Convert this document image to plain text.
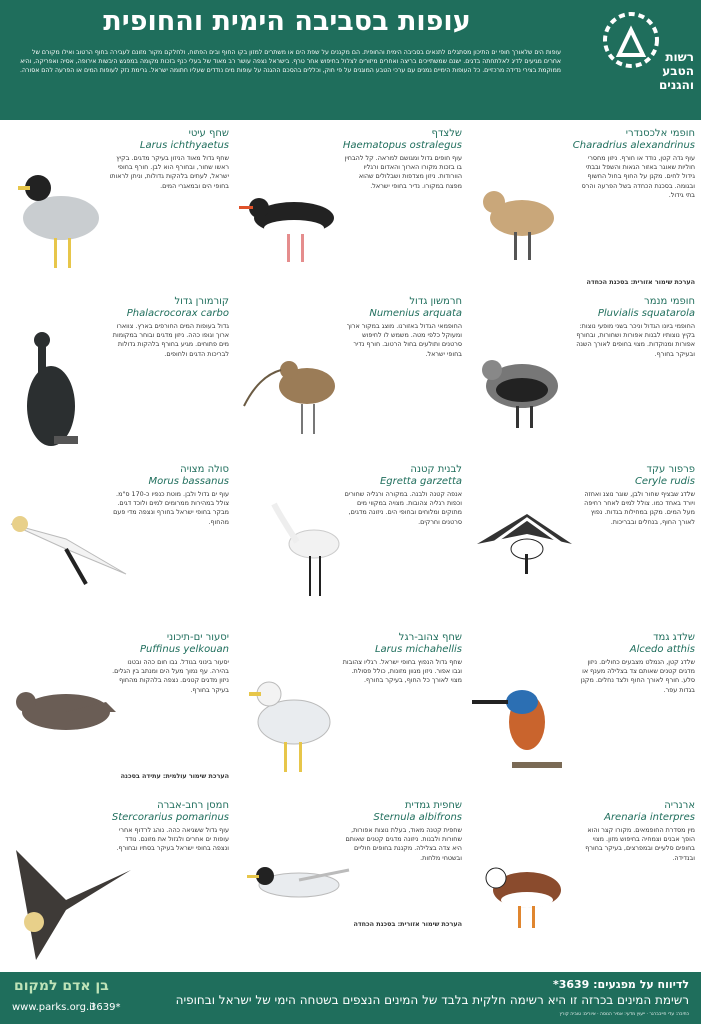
עופות בסביבה הימית והחופית
עופות הים שלאורך חופי ים התיכון מסתגלים לתנאים בסביבה הימית והחופית. הם מקננים על שפת הים או משתרים למזון בקו החוף ובים הפתוח, ולחלקם מקור מזונם לעבירה בחוף הרטוב ואילו מקורם של אחרים מגיעים לדיג לאלתחתה בדגים. ישנם שמשתייכים בריצה ואחרים מיזורים לצלול בחיפוש אחר טרף. בישראל נצפה עושר רב מאוד של בעלי כנף בזכות מקומה במפגש היבשות אירופה, אסיה ואפריקה, והיא ממוקמת בצירי נדידה מרכזיים. כל העופות הימיים נמנים עם ערכי הטבע המוגנים על פי חוק, וכללים בהסכם ההגנה על עופות מים נודדים שעליו חתומה ישראל. גרימת נזק לעופות המים או הפרעה להם אסורה.
רשות
הטבע
והגנים
חופמי אלכסנדרי
Charadrius alexandrinus
עוף גדה קטן, נודד או חורף. ניזון מחסרי חוליות שאוגר באזור הגאות והשפל ובבתי גידול לחים. מקנן על החוף בחול החשוף ובגומה. בסכנת הכחדה בשל הפרעה והרס בתי גידול.
הערכת שימור אזורית: בסכנת הכחדה
שלצדף
Haematopus ostralegus
עוף חופים גדול ומגושם למראה. קל להבחין בו בזכות מקורו הארוך והאדום ורגליו הוורודות. ניזון מצדפות ושבלולים שהוא מפצח במקורו. נדיר בחופי ישראל.
שחף עיטי
Larus ichthyaetus
שחף גדול מאוד הניזון בעיקר מדגים. בקיץ ראשו שחור, ובחורף הוא לבן. חורף בחופי ישראל, לעתים בלהקות גדולות, וניתן לראותו בחופי הים ובמאגרי המים.
חופמי מנמר
Pluvialis squatarola
החופמי ביונו הגדול וניכר בשני מופעי נוצות: בקיץ נוצותיו לבנות אפורות ושחורות, ובחורף אפורות ומנוקדות. מצוי בחופים לאורך השנה ובעיקר בחורף.
חרמשון גדול
Numenius arquata
החופמאי הגדול באזורנו. מוצג במקור ארוך ומעוקל כלפי מטה. משמש לו לחיפוש סרטנים ותולעים בחול הרטוב. חורף נדיר בחופי ישראל.
קורמורן גדול
Phalacrocorax carbo
גדול בעופות המים החורפים בארץ. צווארו ארוך וגופו כהה. ניזון מדגים ובוחר במקומות מים פתוחים. מגיע בחורף בלהקות גדולות לבריכות הדגים ולחופים.
פרפור עקד
Ceryle rudis
שלדג שבציף שחור ולבן, שוגר נוצנ ואחזה ויורד באחד כמו. צולל למים לאחר רחיפה מעל המים. מקנן במחילות בגדות. נפוץ לאורך החוף, בנחלים ובבריכות.
לבנית קטנה
Egretta garzetta
אנפה קטנה ולבנה. במקורה ורגליה שחורים וכפות רגליה צהובות. מצויה במקווי מים מתוקים ומלוחים ובחופי הים. ניזונה מדגים, סרטנים וחרקים.
סולה מצויה
Morus bassanus
עוף ים גדול ולבן. מוטת כנפיו כ-170 ס"מ. צולל במהירות ממרומים למים ולוכד דגים. מבקר בחופי ישראל בחורף ונצפה מדי פעם מהחוף.
שלדג גמד
Alcedo atthis
שלדג קטן, הנמלט מצבעים כחולים. ניזון מדגים קטנים שאותם צד בצלילה מענף או סלע. חורף לאורך החוף ולצד נחלים. מקנן בגדות עפר.
שחף צהוב-רגל
Larus michahellis
שחף גדול הנפוץ בחופי ישראל. רגליו צהובות וגבו אפור. ניזון מגוון מזונות, כולל פסולת. מצוי לאורך כל החוף, בעיקר בחורף.
יסעור ים-תיכוני
Puffinus yelkouan
יסעור בינוני בגודל. גבו חום כהה ובטנו בהירה. עף נמוך מעל הים ומנתב בין הגלים. ניזון מדגים קטנים. נצפה בלהקות מהחוף בעיקר בחורף.
הערכת שימור עולמית: עתידה בסכנה
ארנריה
Arenaria interpres
מין מסדרת החופמאים. מקורו קצר והוא הופך אבנים וצמחיה בחיפוש מזון. מצוי בחופים סלעיים ובמפרצים, בעיקר בחורף ובנדידה.
שחפית גמדית
Sternula albifrons
שחפית קטנה מאוד, בעלת נוצות אפורות, שחורות ולבנות. ניזונה מדגים קטנים שאותם היא צדה בצלילה. מקננת בחופים חוליים ובשטחי מלחות.
הערכת שימור אזורית: בסכנת הכחדה
חמסן רחב-אברה
Stercorarius pomarinus
עוף גדול ששגיאה כהה. נוהג לרדוף אחרי עופות ים אחרים ולגזול את מזונם. נודד ונצפה בחופי ישראל בעיקר בסתיו ובחורף.
לדיווח על מפגעים: 3639*
רשימת המינים בכרזה זו היא רשימה חלקית בלבד של המינים הנצפים בשטחה הימי של ישראל ובחופיה
כתיבה: עדי חייבברגר · ייעוץ מדעי: אמיר הנוסה · איורים: טוביה קורץ
בן אדם למקום
www.parks.org.il
3639*
